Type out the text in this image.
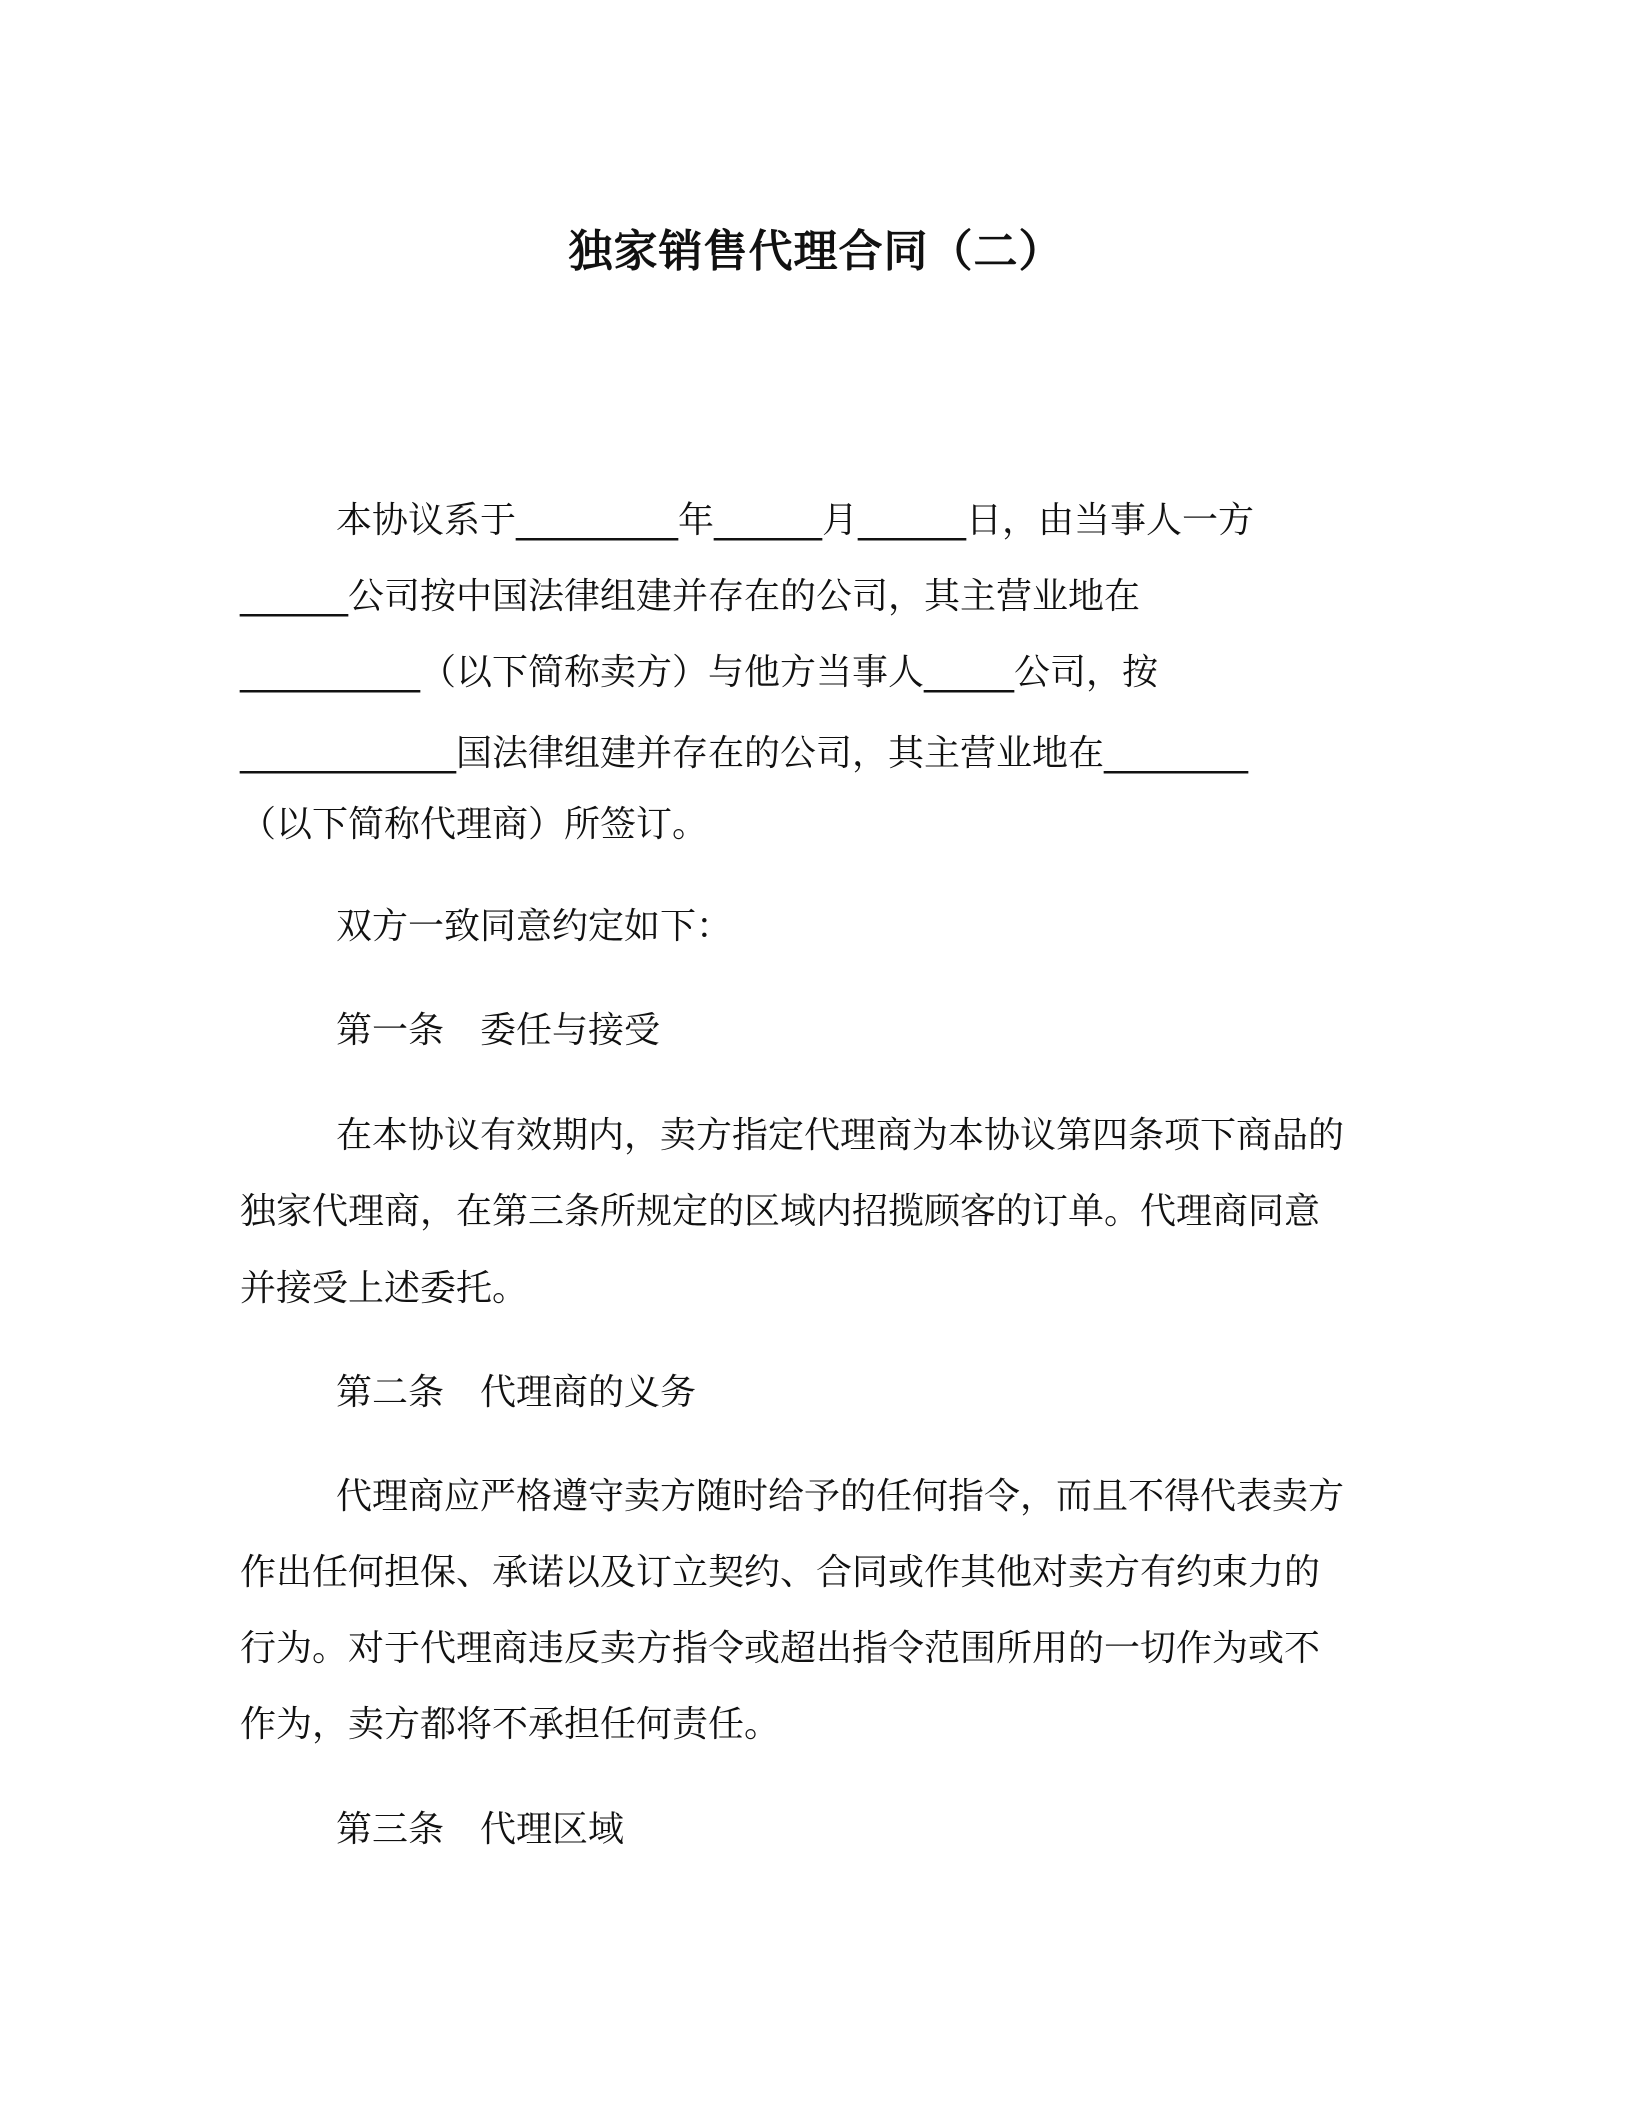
独家销售代理合同（二）
本协议系于_________年______月______日，由当事人一方
______公司按中国法律组建并存在的公司，其主营业地在
__________（以下简称卖方）与他方当事人_____公司，按
____________国法律组建并存在的公司，其主营业地在________
（以下简称代理商）所签订。
双方一致同意约定如下：
第一条　委任与接受
在本协议有效期内，卖方指定代理商为本协议第四条项下商品的
独家代理商，在第三条所规定的区域内招揽顾客的订单。代理商同意
并接受上述委托。
第二条　代理商的义务
代理商应严格遵守卖方随时给予的任何指令，而且不得代表卖方
作出任何担保、承诺以及订立契约、合同或作其他对卖方有约束力的
行为。对于代理商违反卖方指令或超出指令范围所用的一切作为或不
作为，卖方都将不承担任何责任。
第三条　代理区域
